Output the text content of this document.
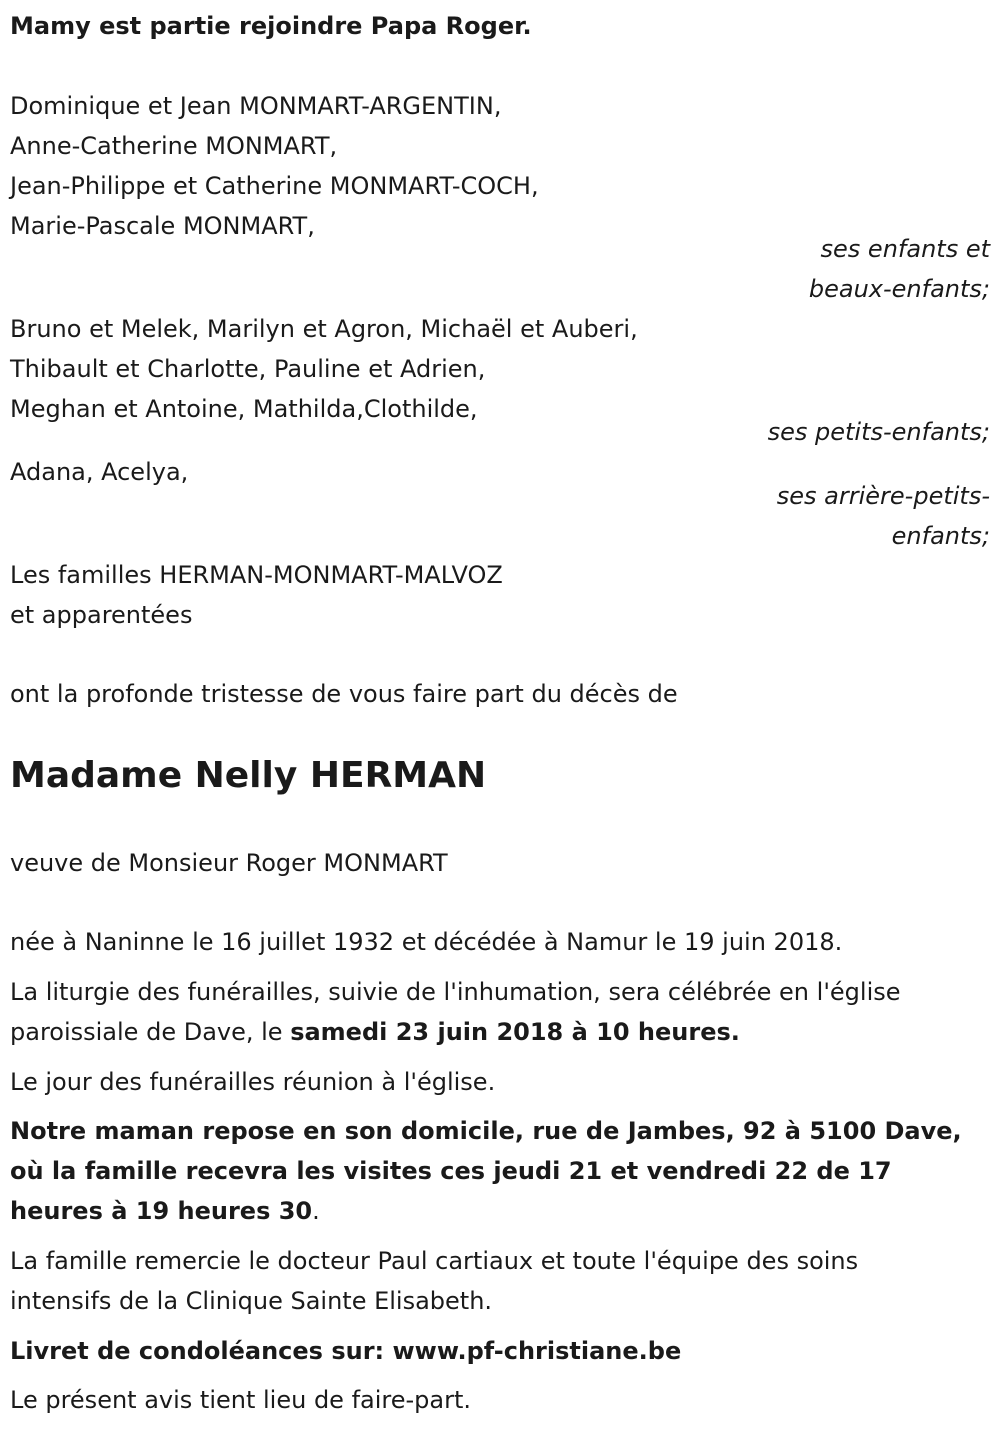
Mamy est partie rejoindre Papa Roger.
Dominique et Jean MONMART-ARGENTIN,
Anne-Catherine MONMART,
Jean-Philippe et Catherine MONMART-COCH,
Marie-Pascale MONMART,
ses enfants et
beaux-enfants;
Bruno et Melek, Marilyn et Agron, Michaël et Auberi,
Thibault et Charlotte, Pauline et Adrien,
Meghan et Antoine, Mathilda,Clothilde,
ses petits-enfants;
Adana, Acelya,
ses arrière-petits-
enfants;
Les familles HERMAN-MONMART-MALVOZ
et apparentées
ont la profonde tristesse de vous faire part du décès de
Madame Nelly HERMAN
veuve de Monsieur Roger MONMART
née à Naninne le 16 juillet 1932 et décédée à Namur le 19 juin 2018.
La liturgie des funérailles, suivie de l'inhumation, sera célébrée en l'église
paroissiale de Dave, le samedi 23 juin 2018 à 10 heures.
Le jour des funérailles réunion à l'église.
Notre maman repose en son domicile, rue de Jambes, 92 à 5100 Dave,
où la famille recevra les visites ces jeudi 21 et vendredi 22 de 17
heures à 19 heures 30.
La famille remercie le docteur Paul cartiaux et toute l'équipe des soins
intensifs de la Clinique Sainte Elisabeth.
Livret de condoléances sur: www.pf-christiane.be
Le présent avis tient lieu de faire-part.
